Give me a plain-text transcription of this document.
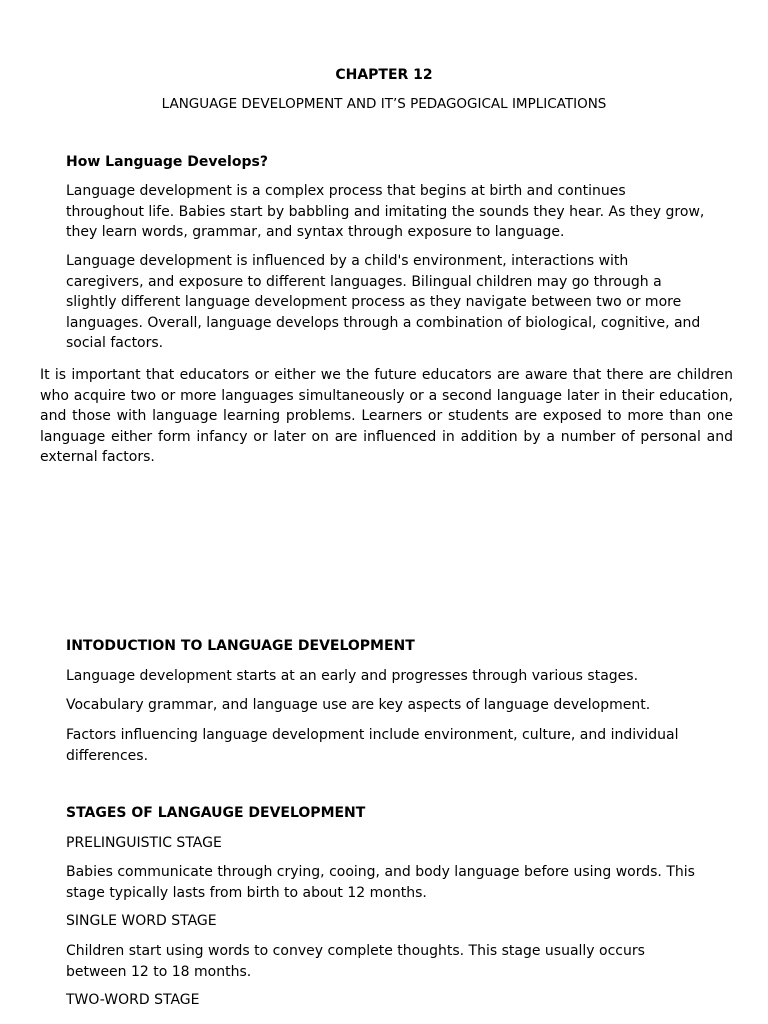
CHAPTER 12

LANGUAGE DEVELOPMENT AND IT’S PEDAGOGICAL IMPLICATIONS

How Language Develops?

Language development is a complex process that begins at birth and continues throughout life. Babies start by babbling and imitating the sounds they hear. As they grow, they learn words, grammar, and syntax through exposure to language.

Language development is influenced by a child's environment, interactions with caregivers, and exposure to different languages. Bilingual children may go through a slightly different language development process as they navigate between two or more languages. Overall, language develops through a combination of biological, cognitive, and social factors.

It is important that educators or either we the future educators are aware that there are children who acquire two or more languages simultaneously or a second language later in their education, and those with language learning problems. Learners or students are exposed to more than one language either form infancy or later on are influenced in addition by a number of personal and external factors.

INTODUCTION TO LANGUAGE DEVELOPMENT

Language development starts at an early and progresses through various stages.

Vocabulary grammar, and language use are key aspects of language development.

Factors influencing language development include environment, culture, and individual differences.

STAGES OF LANGAUGE DEVELOPMENT

PRELINGUISTIC STAGE

Babies communicate through crying, cooing, and body language before using words. This stage typically lasts from birth to about 12 months.

SINGLE WORD STAGE

Children start using words to convey complete thoughts. This stage usually occurs between 12 to 18 months.

TWO-WORD STAGE
